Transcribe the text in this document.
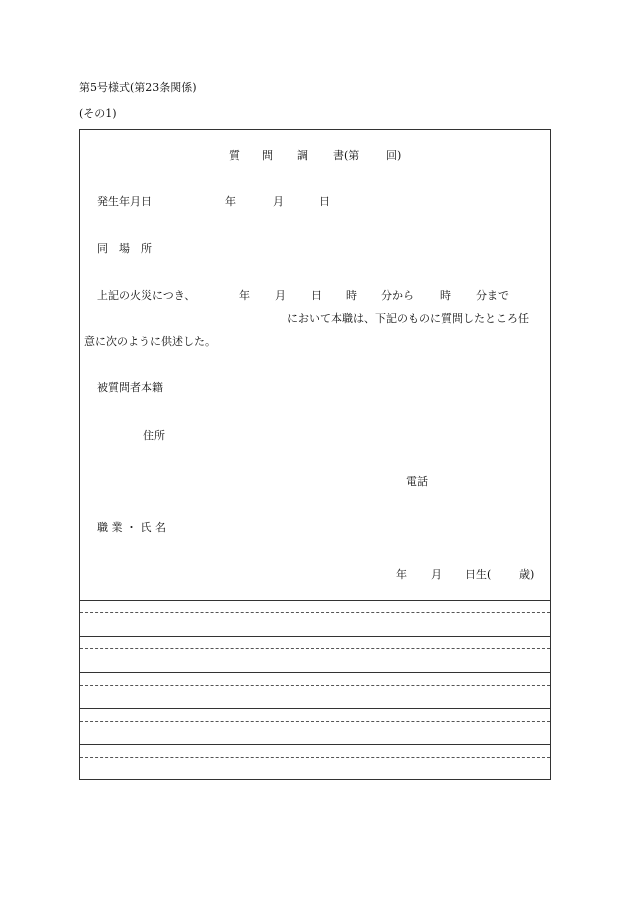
第5号様式(第23条関係)
(その1)
質 問 調 書(第 回)
発生年月日	年	月	日
同　場　所
上記の火災につき、	年 月 日 時 分から 時 分まで
において本職は、下記のものに質問したところ任
意に次のように供述した。
被質問者本籍
住所
電話
職 業 ・ 氏 名
年 月 日生(	歳)
